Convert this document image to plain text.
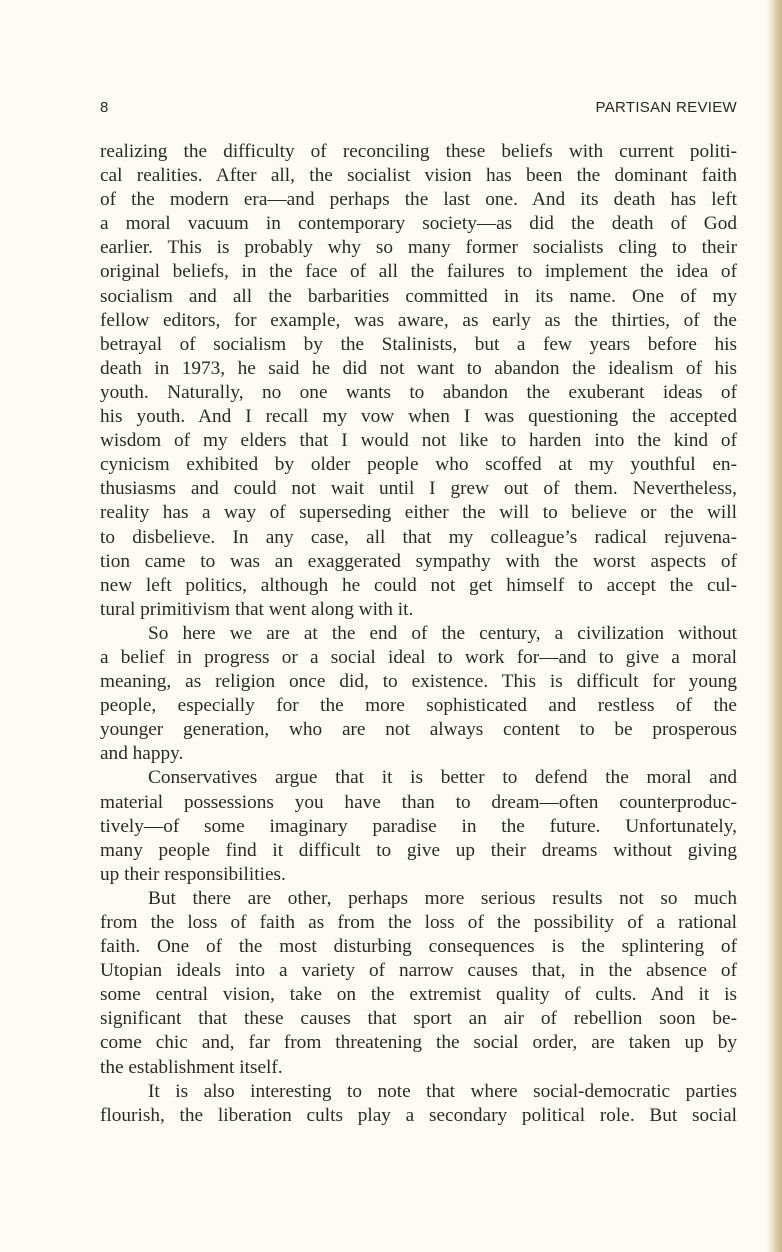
8	PARTISAN REVIEW

realizing the difficulty of reconciling these beliefs with current politi-
cal realities. After all, the socialist vision has been the dominant faith
of the modern era—and perhaps the last one. And its death has left
a moral vacuum in contemporary society—as did the death of God
earlier. This is probably why so many former socialists cling to their
original beliefs, in the face of all the failures to implement the idea of
socialism and all the barbarities committed in its name. One of my
fellow editors, for example, was aware, as early as the thirties, of the
betrayal of socialism by the Stalinists, but a few years before his
death in 1973, he said he did not want to abandon the idealism of his
youth. Naturally, no one wants to abandon the exuberant ideas of
his youth. And I recall my vow when I was questioning the accepted
wisdom of my elders that I would not like to harden into the kind of
cynicism exhibited by older people who scoffed at my youthful en-
thusiasms and could not wait until I grew out of them. Nevertheless,
reality has a way of superseding either the will to believe or the will
to disbelieve. In any case, all that my colleague’s radical rejuvena-
tion came to was an exaggerated sympathy with the worst aspects of
new left politics, although he could not get himself to accept the cul-
tural primitivism that went along with it.

So here we are at the end of the century, a civilization without
a belief in progress or a social ideal to work for—and to give a moral
meaning, as religion once did, to existence. This is difficult for young
people, especially for the more sophisticated and restless of the
younger generation, who are not always content to be prosperous
and happy.

Conservatives argue that it is better to defend the moral and
material possessions you have than to dream—often counterproduc-
tively—of some imaginary paradise in the future. Unfortunately,
many people find it difficult to give up their dreams without giving
up their responsibilities.

But there are other, perhaps more serious results not so much
from the loss of faith as from the loss of the possibility of a rational
faith. One of the most disturbing consequences is the splintering of
Utopian ideals into a variety of narrow causes that, in the absence of
some central vision, take on the extremist quality of cults. And it is
significant that these causes that sport an air of rebellion soon be-
come chic and, far from threatening the social order, are taken up by
the establishment itself.

It is also interesting to note that where social-democratic parties
flourish, the liberation cults play a secondary political role. But social
